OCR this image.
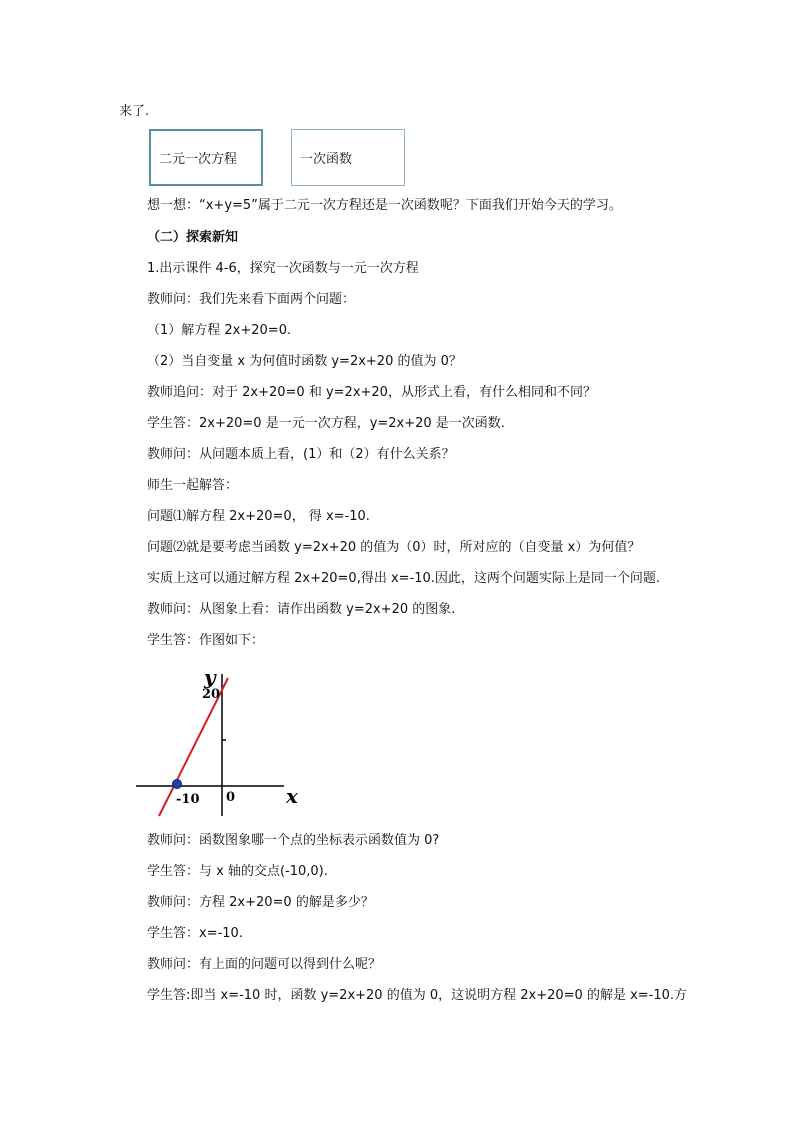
来了.
二元一次方程	一次函数
想一想：“x+y=5”属于二元一次方程还是一次函数呢？下面我们开始今天的学习。
（二）探索新知
1.出示课件 4-6，探究一次函数与一元一次方程
教师问：我们先来看下面两个问题：
（1）解方程 2x+20=0.
（2）当自变量 x 为何值时函数 y=2x+20 的值为 0？
教师追问：对于 2x+20=0 和 y=2x+20，从形式上看，有什么相同和不同？
学生答：2x+20=0 是一元一次方程，y=2x+20 是一次函数.
教师问：从问题本质上看，(1）和（2）有什么关系？
师生一起解答：
问题⑴解方程 2x+20=0， 得 x=-10.
问题⑵就是要考虑当函数 y=2x+20 的值为（0）时，所对应的（自变量 x）为何值？
实质上这可以通过解方程 2x+20=0,得出 x=-10.因此，这两个问题实际上是同一个问题.
教师问：从图象上看：请作出函数 y=2x+20 的图象.
学生答：作图如下：
y
20
-10 0	x
教师问：函数图象哪一个点的坐标表示函数值为 0?
学生答：与 x 轴的交点(-10,0).
教师问：方程 2x+20=0 的解是多少？
学生答：x=-10.
教师问：有上面的问题可以得到什么呢？
学生答:即当 x=-10 时，函数 y=2x+20 的值为 0，这说明方程 2x+20=0 的解是 x=-10.方
